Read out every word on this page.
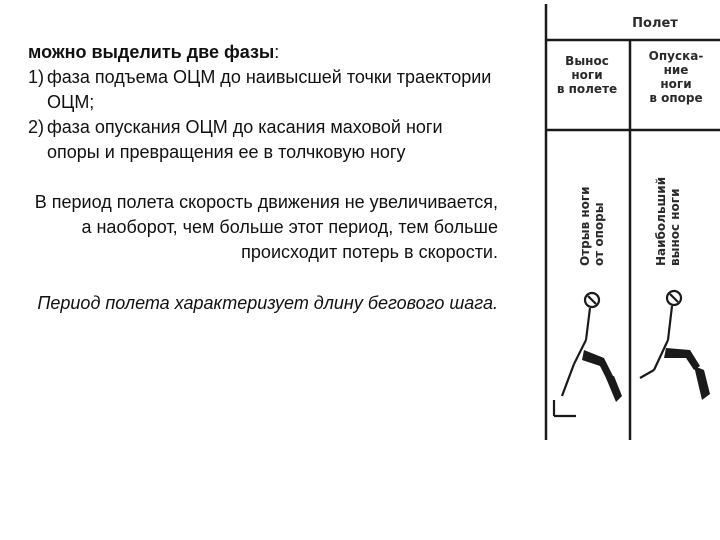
можно выделить две фазы:

1) фаза подъема ОЦМ до наивысшей точки траектории ОЦМ;
2) фаза опускания ОЦМ до касания маховой ноги опоры и превращения ее в толчковую ногу

В период полета скорость движения не увеличивается, а наоборот, чем больше этот период, тем больше происходит потерь в скорости.

Период полета характеризует длину бегового шага.

Полет
Вынос
ноги
в полете
Опуска-
ние
ноги
в опоре
Отрыв ноги от опоры	Наибольший вынос ноги
